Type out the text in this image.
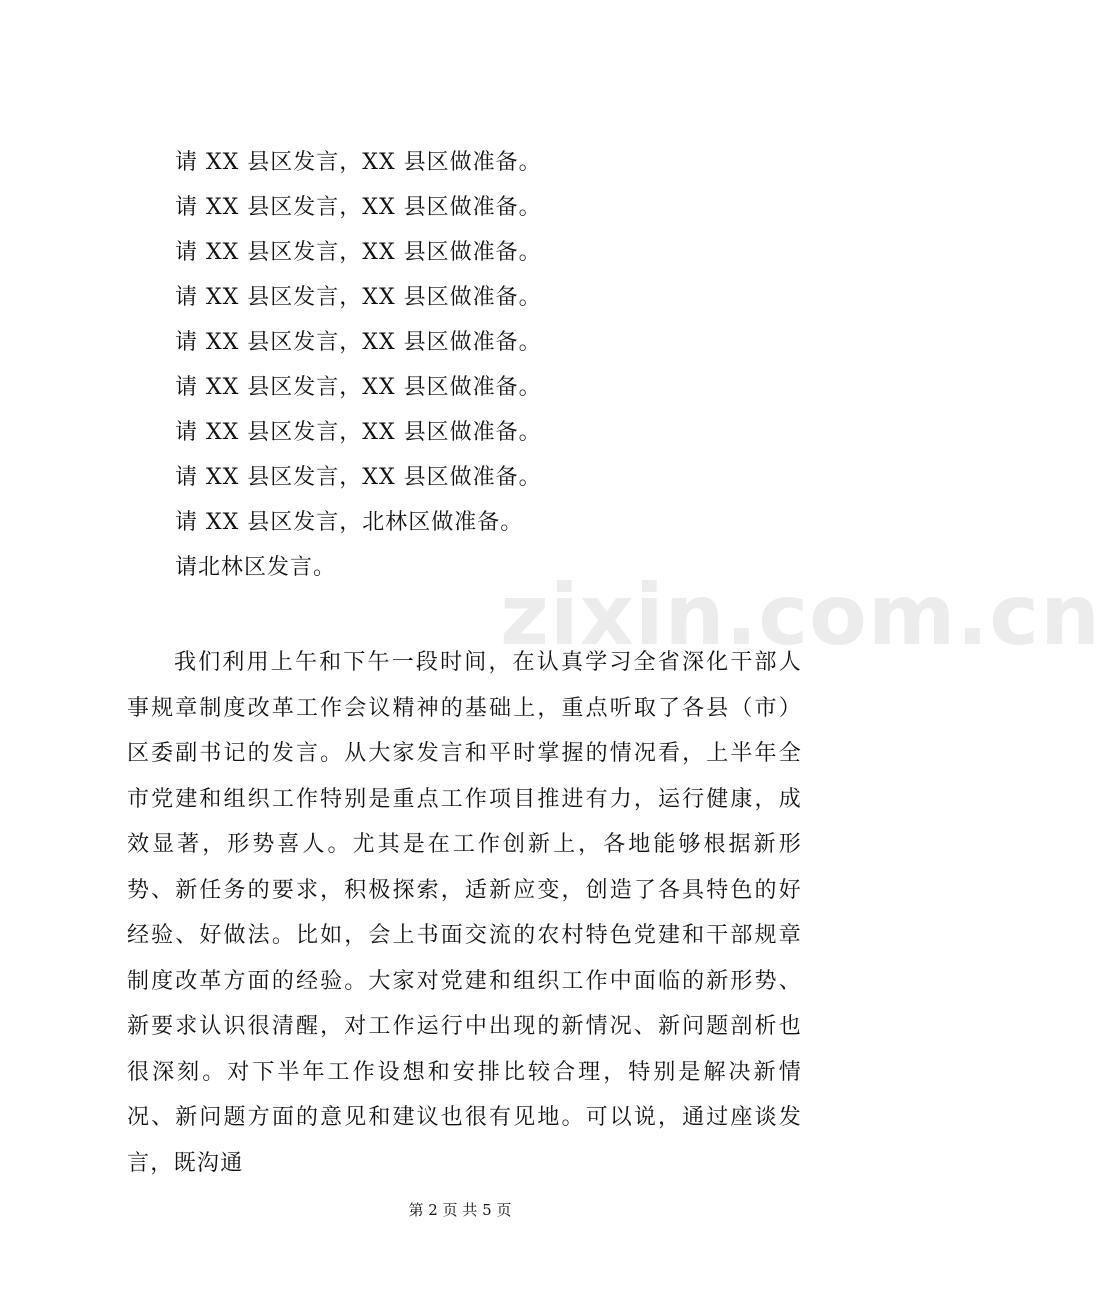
zixin.com.cn
请 XX 县区发言，XX 县区做准备。
请 XX 县区发言，XX 县区做准备。
请 XX 县区发言，XX 县区做准备。
请 XX 县区发言，XX 县区做准备。
请 XX 县区发言，XX 县区做准备。
请 XX 县区发言，XX 县区做准备。
请 XX 县区发言，XX 县区做准备。
请 XX 县区发言，XX 县区做准备。
请 XX 县区发言，北林区做准备。
请北林区发言。
我们利用上午和下午一段时间，在认真学习全省深化干部人事规章制度改革工作会议精神的基础上，重点听取了各县（市）区委副书记的发言。从大家发言和平时掌握的情况看，上半年全市党建和组织工作特别是重点工作项目推进有力，运行健康，成效显著，形势喜人。尤其是在工作创新上，各地能够根据新形势、新任务的要求，积极探索，适新应变，创造了各具特色的好经验、好做法。比如，会上书面交流的农村特色党建和干部规章制度改革方面的经验。大家对党建和组织工作中面临的新形势、新要求认识很清醒，对工作运行中出现的新情况、新问题剖析也很深刻。对下半年工作设想和安排比较合理，特别是解决新情况、新问题方面的意见和建议也很有见地。可以说，通过座谈发言，既沟通
第 2 页 共 5 页
